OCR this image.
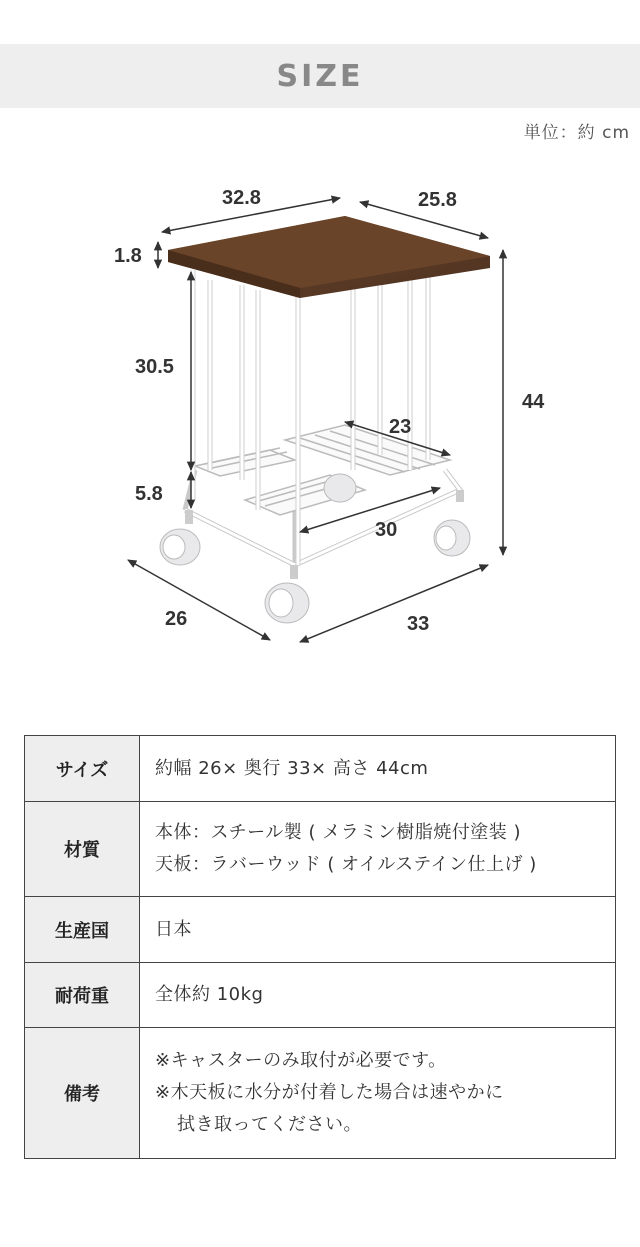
SIZE
単位：約 cm
32.8	25.8
1.8
30.5
44
23
5.8
30
26	33
サイズ	約幅 26× 奥行 33× 高さ 44cm
材質	本体：スチール製 ( メラミン樹脂焼付塗装 )
天板：ラバーウッド ( オイルステイン仕上げ )

生産国	日本
耐荷重	全体約 10kg
備考	※キャスターのみ取付が必要です。
※木天板に水分が付着した場合は速やかに
拭き取ってください。
